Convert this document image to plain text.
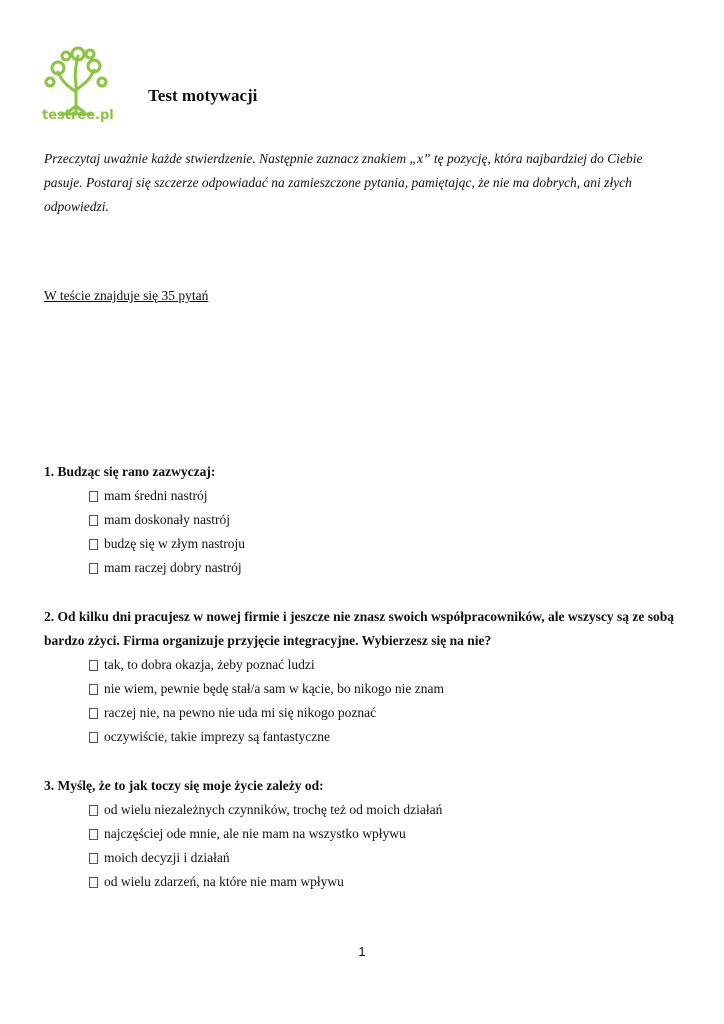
testree.pl
Test motywacji
Przeczytaj uważnie każde stwierdzenie. Następnie zaznacz znakiem „x” tę pozycję, która najbardziej do Ciebie pasuje. Postaraj się szczerze odpowiadać na zamieszczone pytania, pamiętając, że nie ma dobrych, ani złych odpowiedzi.
W teście znajduje się 35 pytań
1. Budząc się rano zazwyczaj:
mam średni nastrój
mam doskonały nastrój
budzę się w złym nastroju
mam raczej dobry nastrój
2. Od kilku dni pracujesz w nowej firmie i jeszcze nie znasz swoich współpracowników, ale wszyscy są ze sobą bardzo zżyci. Firma organizuje przyjęcie integracyjne. Wybierzesz się na nie?
tak, to dobra okazja, żeby poznać ludzi
nie wiem, pewnie będę stał/a sam w kącie, bo nikogo nie znam
raczej nie, na pewno nie uda mi się nikogo poznać
oczywiście, takie imprezy są fantastyczne
3. Myślę, że to jak toczy się moje życie zależy od:
od wielu niezależnych czynników, trochę też od moich działań
najczęściej ode mnie, ale nie mam na wszystko wpływu
moich decyzji i działań
od wielu zdarzeń, na które nie mam wpływu
1
